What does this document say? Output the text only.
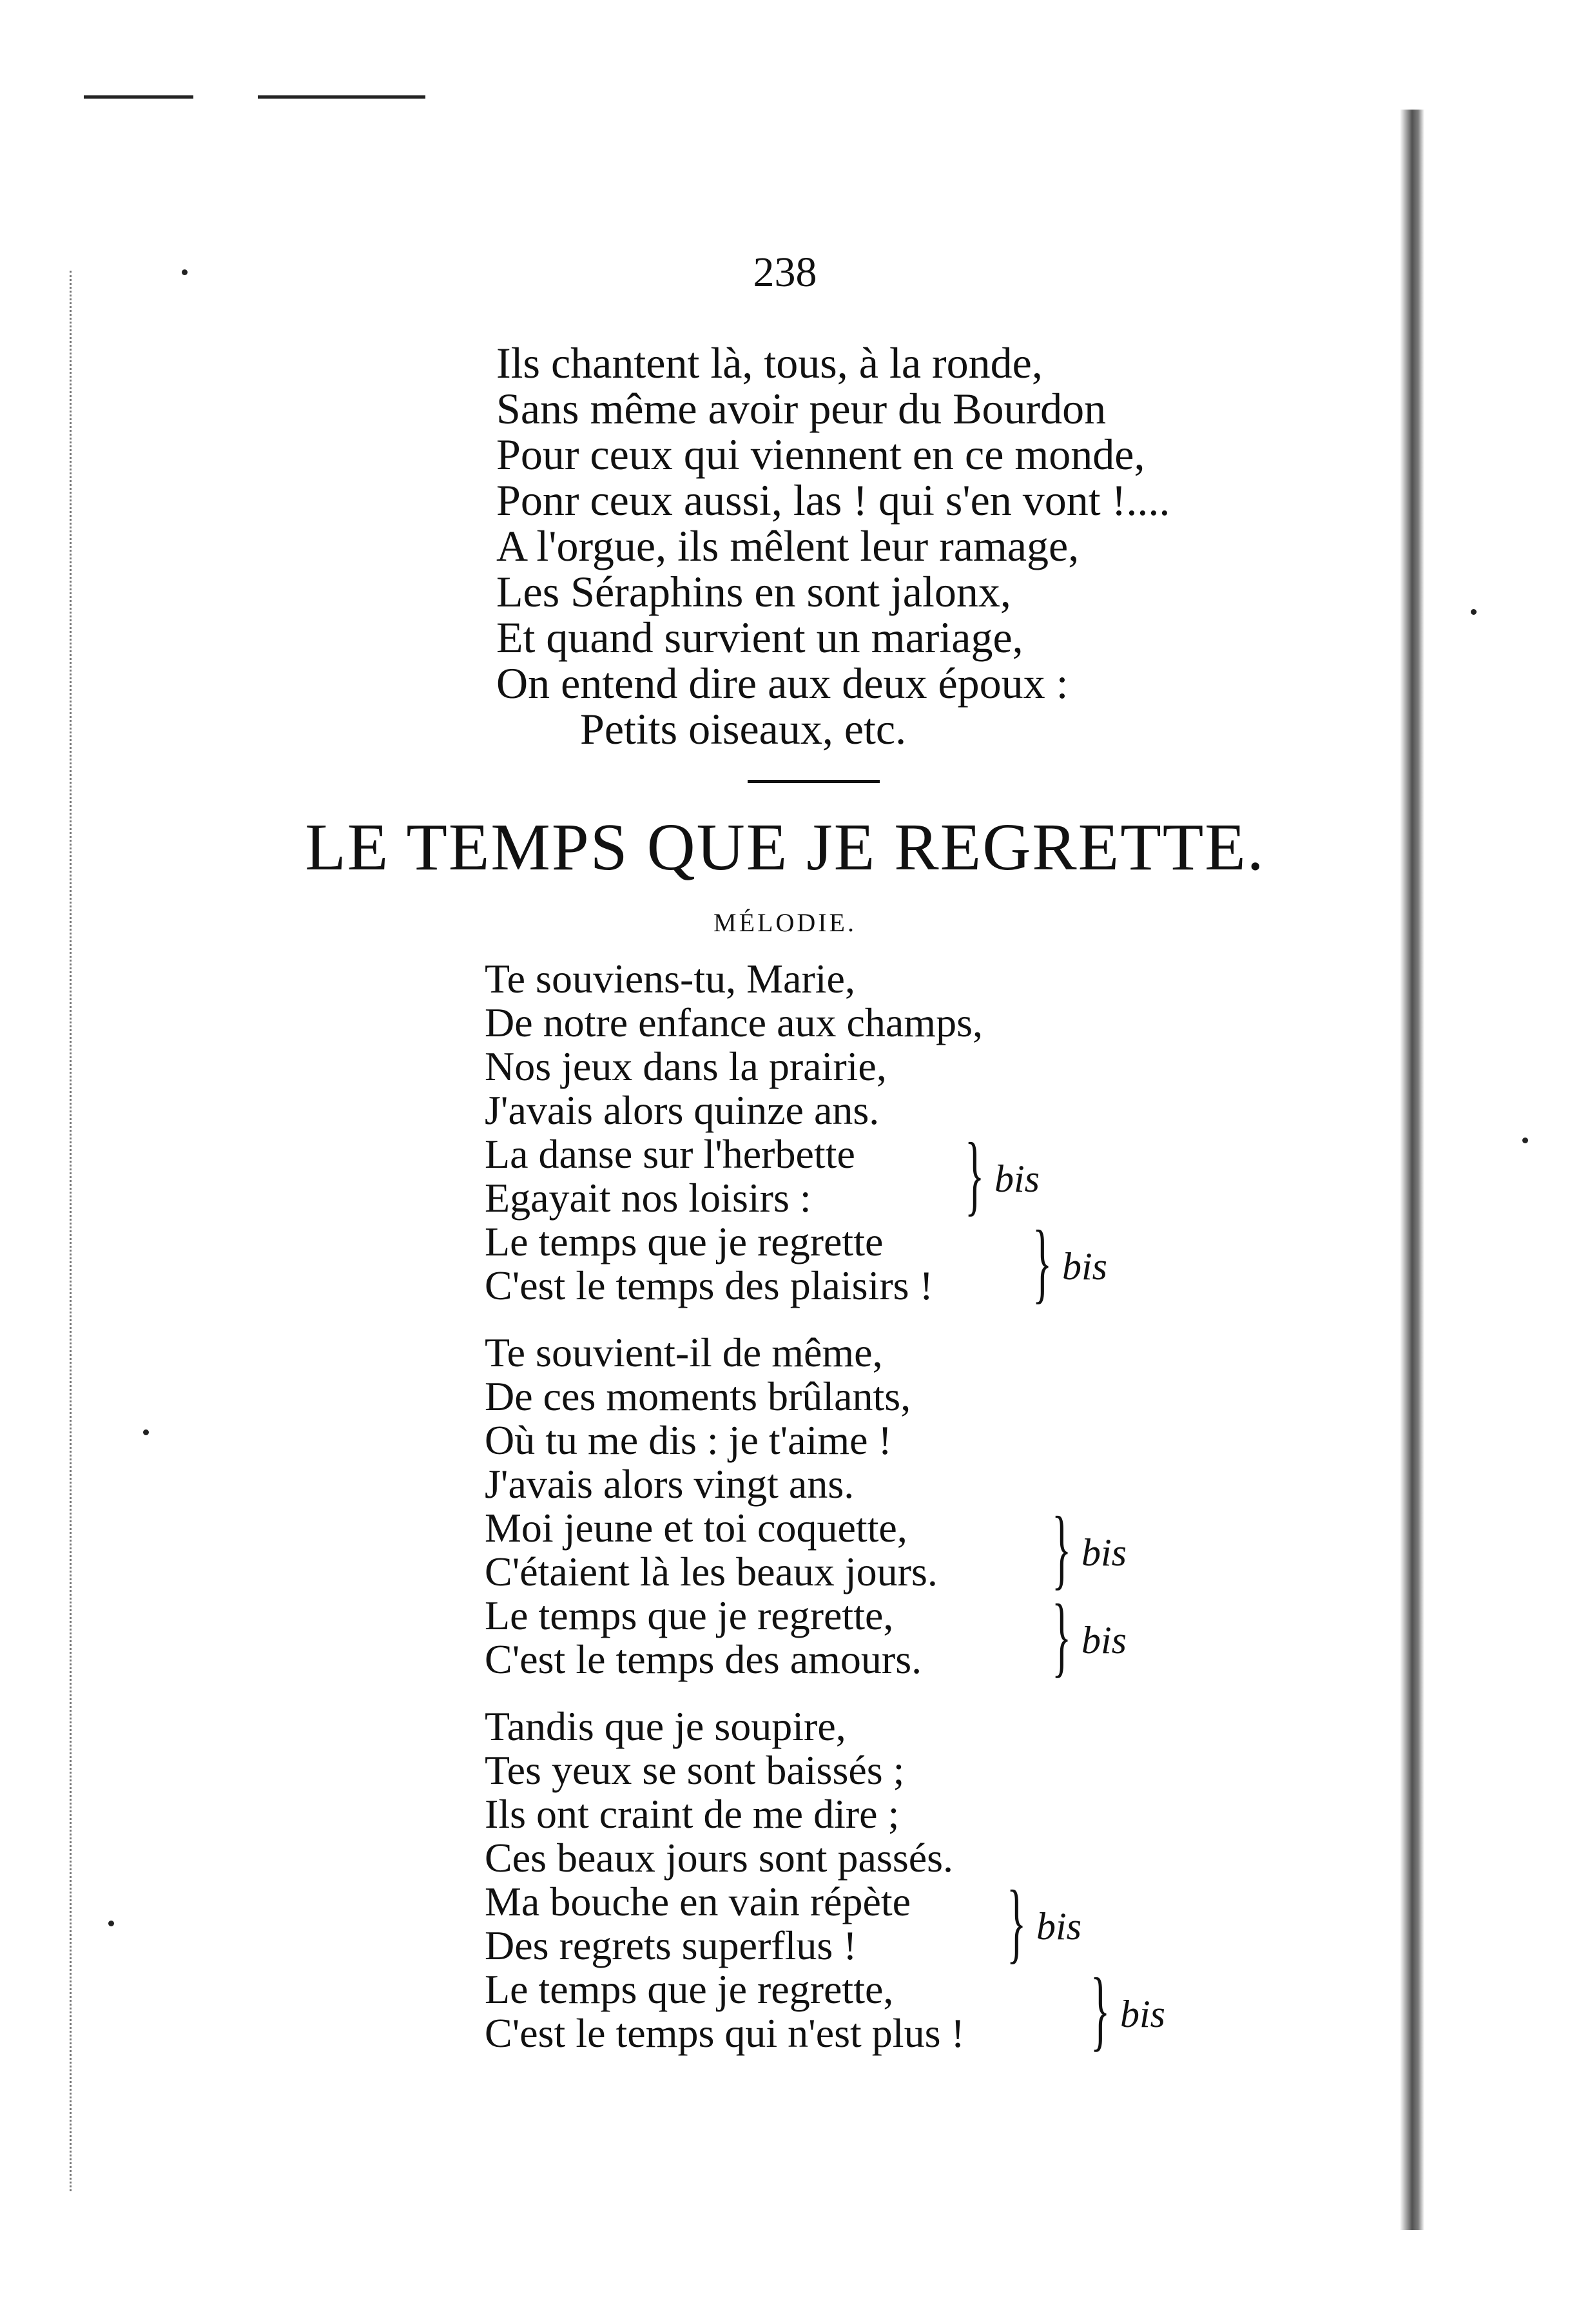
238
Ils chantent là, tous, à la ronde,
Sans même avoir peur du Bourdon
Pour ceux qui viennent en ce monde,
Ponr ceux aussi, las ! qui s'en vont !....
A l'orgue, ils mêlent leur ramage,
Les Séraphins en sont jalonx,
Et quand survient un mariage,
On entend dire aux deux époux :
Petits oiseaux, etc.
LE TEMPS QUE JE REGRETTE.
MÉLODIE.
Te souviens-tu, Marie,
De notre enfance aux champs,
Nos jeux dans la prairie,
J'avais alors quinze ans.
La danse sur l'herbette
Egayait nos loisirs :
Le temps que je regrette
C'est le temps des plaisirs !
} bis
} bis
Te souvient-il de même,
De ces moments brûlants,
Où tu me dis : je t'aime !
J'avais alors vingt ans.
Moi jeune et toi coquette,
C'étaient là les beaux jours.
Le temps que je regrette,
C'est le temps des amours.
} bis
} bis
Tandis que je soupire,
Tes yeux se sont baissés ;
Ils ont craint de me dire ;
Ces beaux jours sont passés.
Ma bouche en vain répète
Des regrets superflus !
Le temps que je regrette,
C'est le temps qui n'est plus !
} bis
} bis
